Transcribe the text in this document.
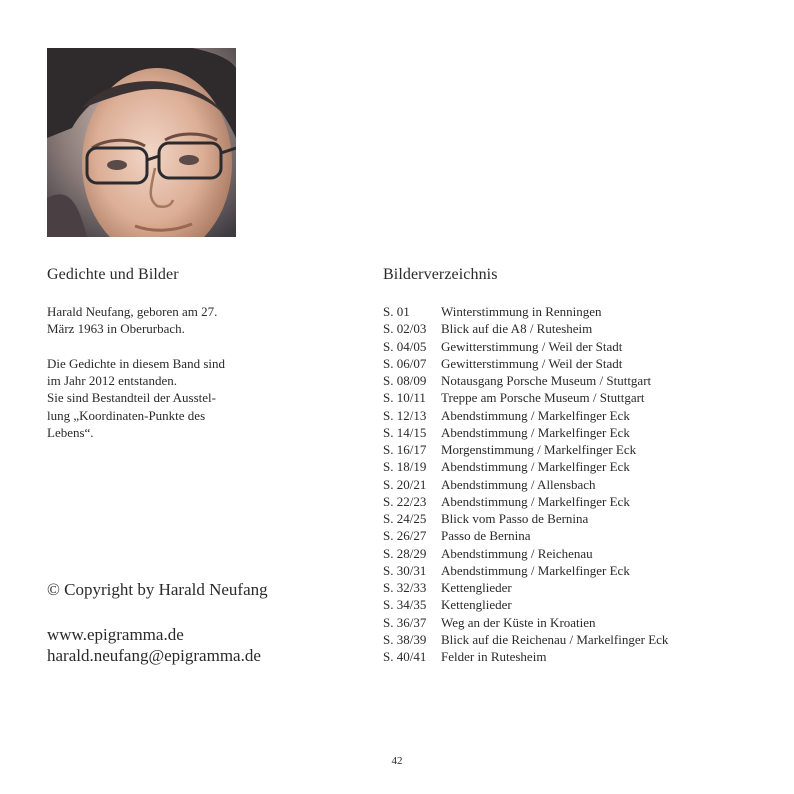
Gedichte und Bilder

Harald Neufang, geboren am 27.
März 1963 in Oberurbach.

Die Gedichte in diesem Band sind
im Jahr 2012 entstanden.
Sie sind Bestandteil der Ausstel-
lung „Koordinaten-Punkte des
Lebens“.

© Copyright by Harald Neufang
www.epigramma.de
harald.neufang@epigramma.de
Bilderverzeichnis
S. 01	Winterstimmung in Renningen
S. 02/03	Blick auf die A8 / Rutesheim
S. 04/05	Gewitterstimmung / Weil der Stadt
S. 06/07	Gewitterstimmung / Weil der Stadt
S. 08/09	Notausgang Porsche Museum / Stuttgart
S. 10/11	Treppe am Porsche Museum / Stuttgart
S. 12/13	Abendstimmung / Markelfinger Eck
S. 14/15	Abendstimmung / Markelfinger Eck
S. 16/17	Morgenstimmung / Markelfinger Eck
S. 18/19	Abendstimmung / Markelfinger Eck
S. 20/21	Abendstimmung / Allensbach
S. 22/23	Abendstimmung / Markelfinger Eck
S. 24/25	Blick vom Passo de Bernina
S. 26/27	Passo de Bernina
S. 28/29	Abendstimmung / Reichenau
S. 30/31	Abendstimmung / Markelfinger Eck
S. 32/33	Kettenglieder
S. 34/35	Kettenglieder
S. 36/37	Weg an der Küste in Kroatien
S. 38/39	Blick auf die Reichenau / Markelfinger Eck
S. 40/41	Felder in Rutesheim
42
